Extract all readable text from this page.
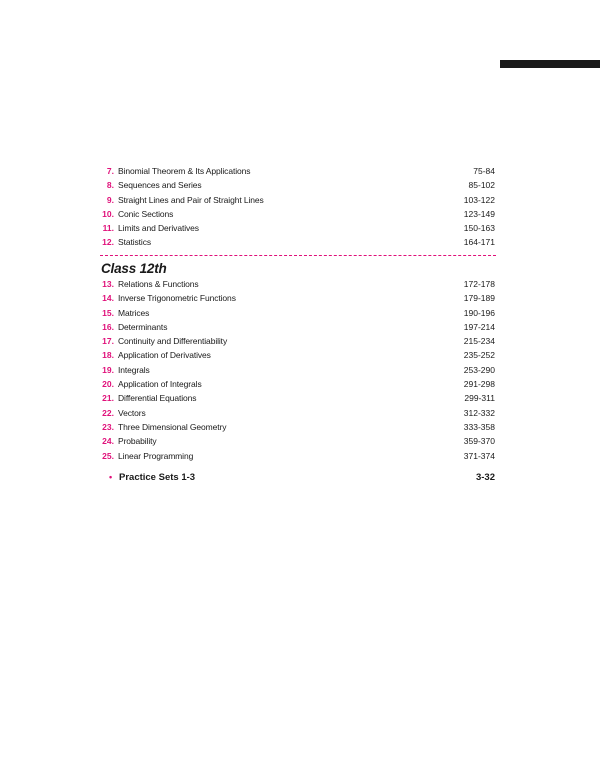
7. Binomial Theorem & Its Applications	75-84
8. Sequences and Series	85-102
9. Straight Lines and Pair of Straight Lines	103-122
10. Conic Sections	123-149
11. Limits and Derivatives	150-163
12. Statistics	164-171
Class 12th
13. Relations & Functions	172-178
14. Inverse Trigonometric Functions	179-189
15. Matrices	190-196
16. Determinants	197-214
17. Continuity and Differentiability	215-234
18. Application of Derivatives	235-252
19. Integrals	253-290
20. Application of Integrals	291-298
21. Differential Equations	299-311
22. Vectors	312-332
23. Three Dimensional Geometry	333-358
24. Probability	359-370
25. Linear Programming	371-374
• Practice Sets 1-3	3-32
